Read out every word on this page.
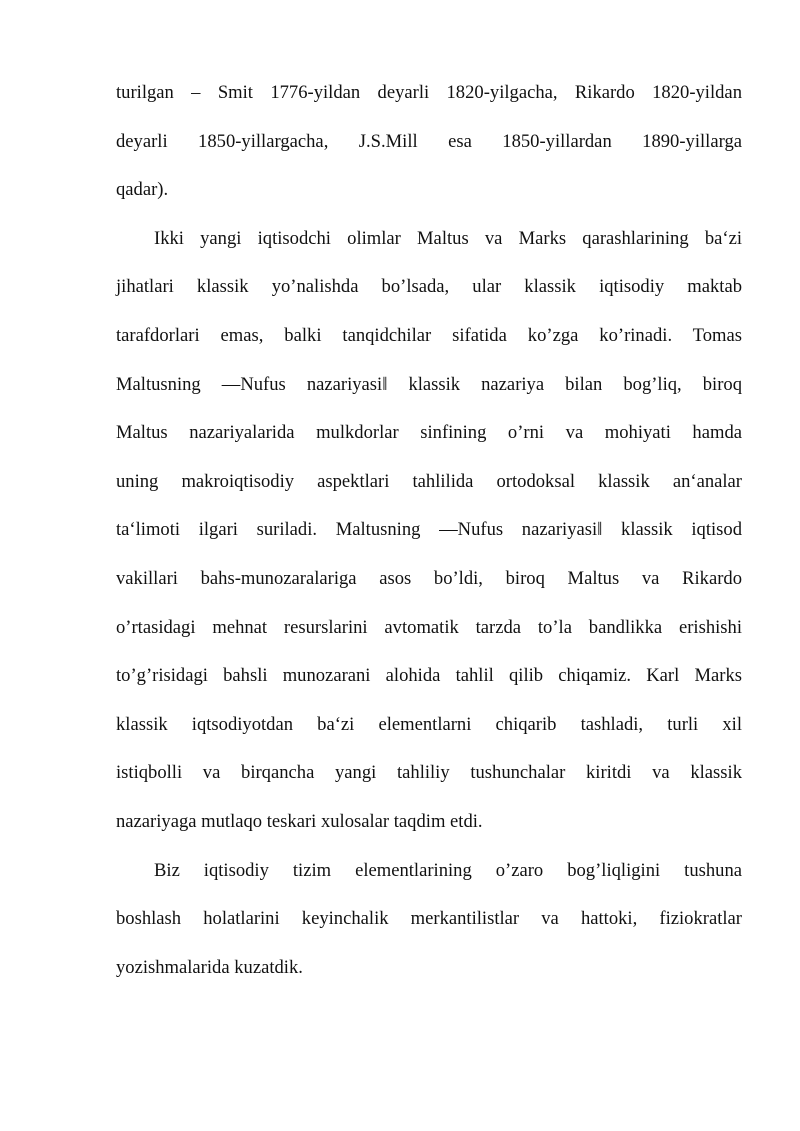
turilgan – Smit 1776-yildan deyarli 1820-yilgacha, Rikardo 1820-yildan
deyarli 1850-yillargacha, J.S.Mill esa 1850-yillardan 1890-yillarga
qadar).
Ikki yangi iqtisodchi olimlar Maltus va Marks qarashlarining ba‘zi
jihatlari klassik yo’nalishda bo’lsada, ular klassik iqtisodiy maktab
tarafdorlari emas, balki tanqidchilar sifatida ko’zga ko’rinadi. Tomas
Maltusning ―Nufus nazariyasi‖ klassik nazariya bilan bog’liq, biroq
Maltus nazariyalarida mulkdorlar sinfining o’rni va mohiyati hamda
uning makroiqtisodiy aspektlari tahlilida ortodoksal klassik an‘analar
ta‘limoti ilgari suriladi. Maltusning ―Nufus nazariyasi‖ klassik iqtisod
vakillari bahs-munozaralariga asos bo’ldi, biroq Maltus va Rikardo
o’rtasidagi mehnat resurslarini avtomatik tarzda to’la bandlikka erishishi
to’g’risidagi bahsli munozarani alohida tahlil qilib chiqamiz. Karl Marks
klassik iqtsodiyotdan ba‘zi elementlarni chiqarib tashladi, turli xil
istiqbolli va birqancha yangi tahliliy tushunchalar kiritdi va klassik
nazariyaga mutlaqo teskari xulosalar taqdim etdi.
Biz iqtisodiy tizim elementlarining o’zaro bog’liqligini tushuna
boshlash holatlarini keyinchalik merkantilistlar va hattoki, fiziokratlar
yozishmalarida kuzatdik.
